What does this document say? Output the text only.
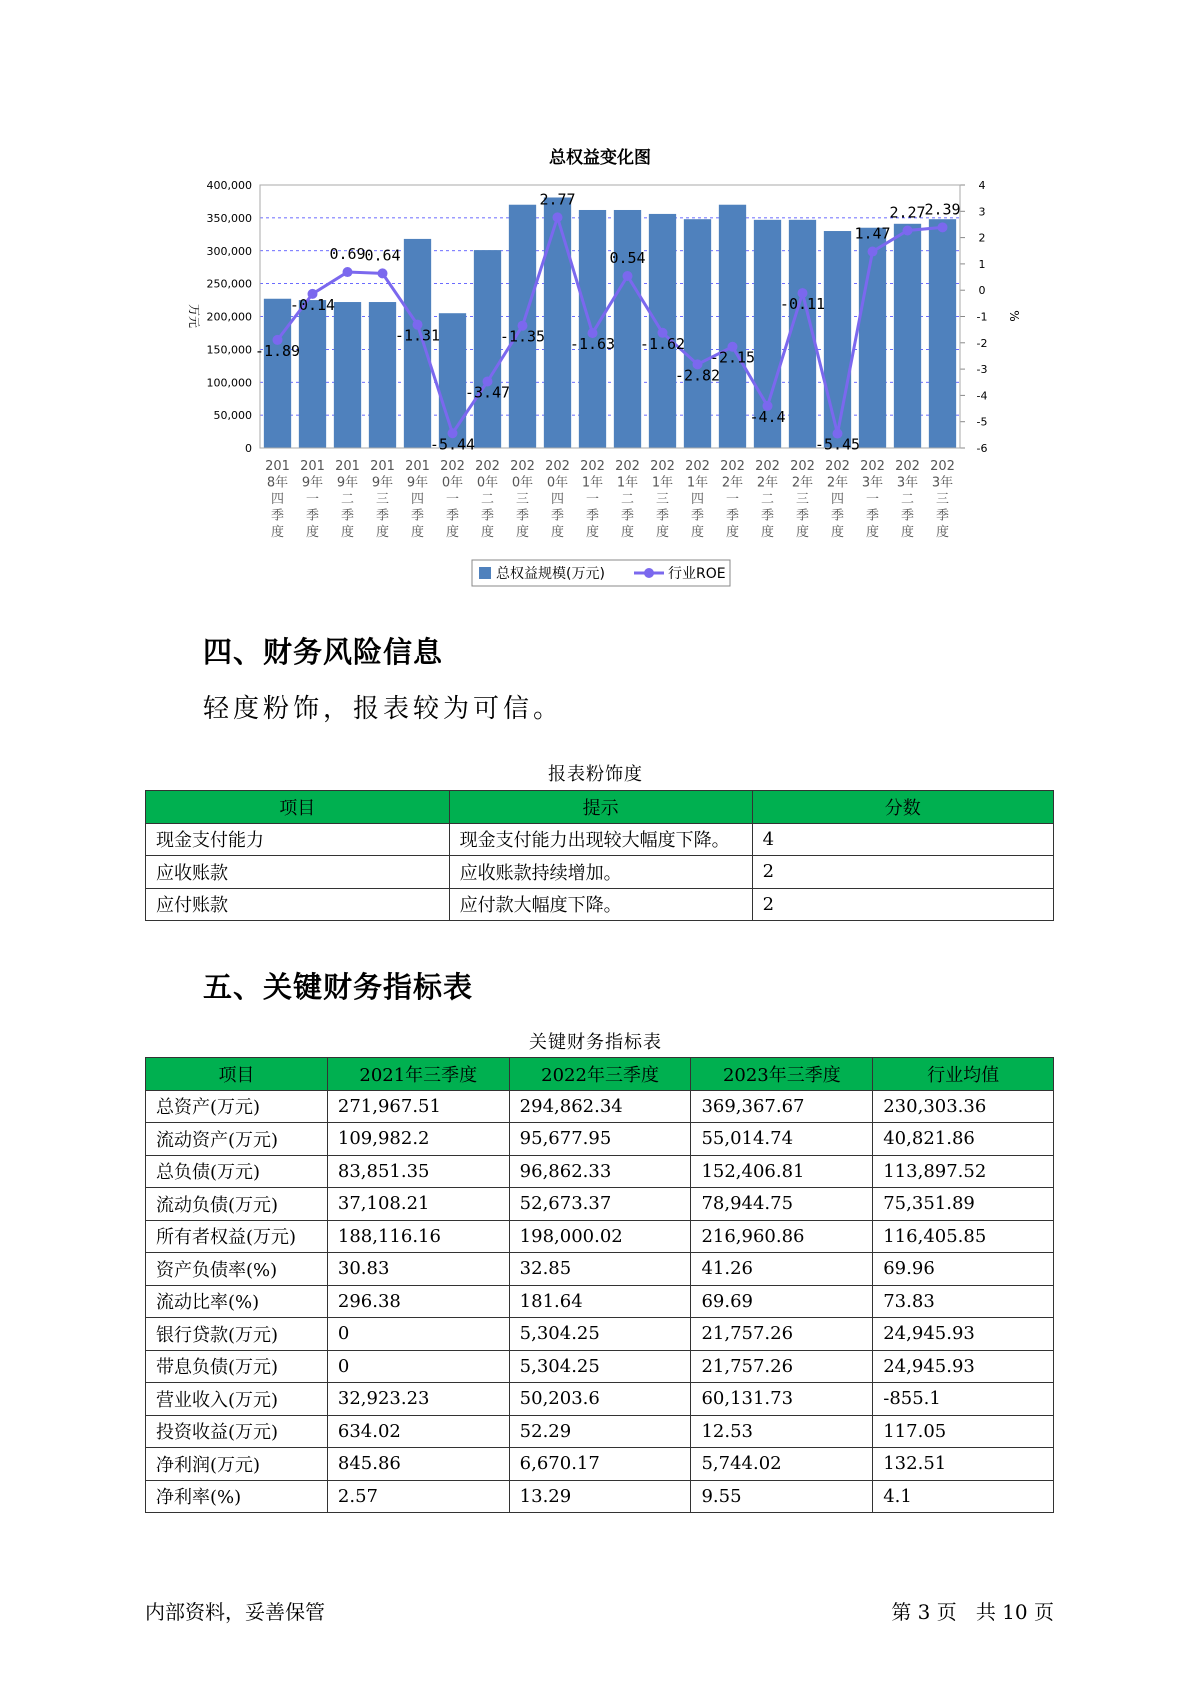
总权益变化图
0
50,000
100,000
150,000
200,000
250,000
300,000
350,000
400,000
-6
-5
-4
-3
-2
-1
0
1
2
3
4
万元	%
201 8年四季度
201 9年一季度
201 9年二季度
201 9年三季度
201 9年四季度
202 0年一季度
202 0年二季度
202 0年三季度
202 0年四季度
202 1年一季度
202 1年二季度
202 1年三季度
202 1年四季度
202 2年一季度
202 2年二季度
202 2年三季度
202 2年四季度
202 3年一季度
202 3年二季度
202 3年三季度
-1.89
-0.14
0.69
0.64
-1.31
-5.44
-3.47
-1.35
2.77
-1.63
0.54
-1.62
-2.82
-2.15
-4.4
-0.11
-5.45
1.47
2.27
2.39
总权益规模(万元)	行业ROE
四、财务风险信息
轻度粉饰，报表较为可信。
报表粉饰度
项目	提示	分数
现金支付能力	现金支付能力出现较大幅度下降。	4
应收账款	应收账款持续增加。	2
应付账款	应付款大幅度下降。	2
五、关键财务指标表
关键财务指标表
项目	2021年三季度	2022年三季度	2023年三季度	行业均值
总资产(万元)	271,967.51	294,862.34	369,367.67	230,303.36
流动资产(万元)	109,982.2	95,677.95	55,014.74	40,821.86
总负债(万元)	83,851.35	96,862.33	152,406.81	113,897.52
流动负债(万元)	37,108.21	52,673.37	78,944.75	75,351.89
所有者权益(万元)	188,116.16	198,000.02	216,960.86	116,405.85
资产负债率(%)	30.83	32.85	41.26	69.96
流动比率(%)	296.38	181.64	69.69	73.83
银行贷款(万元)	0	5,304.25	21,757.26	24,945.93
带息负债(万元)	0	5,304.25	21,757.26	24,945.93
营业收入(万元)	32,923.23	50,203.6	60,131.73	-855.1
投资收益(万元)	634.02	52.29	12.53	117.05
净利润(万元)	845.86	6,670.17	5,744.02	132.51
净利率(%)	2.57	13.29	9.55	4.1
内部资料，妥善保管	第 3 页   共 10 页
